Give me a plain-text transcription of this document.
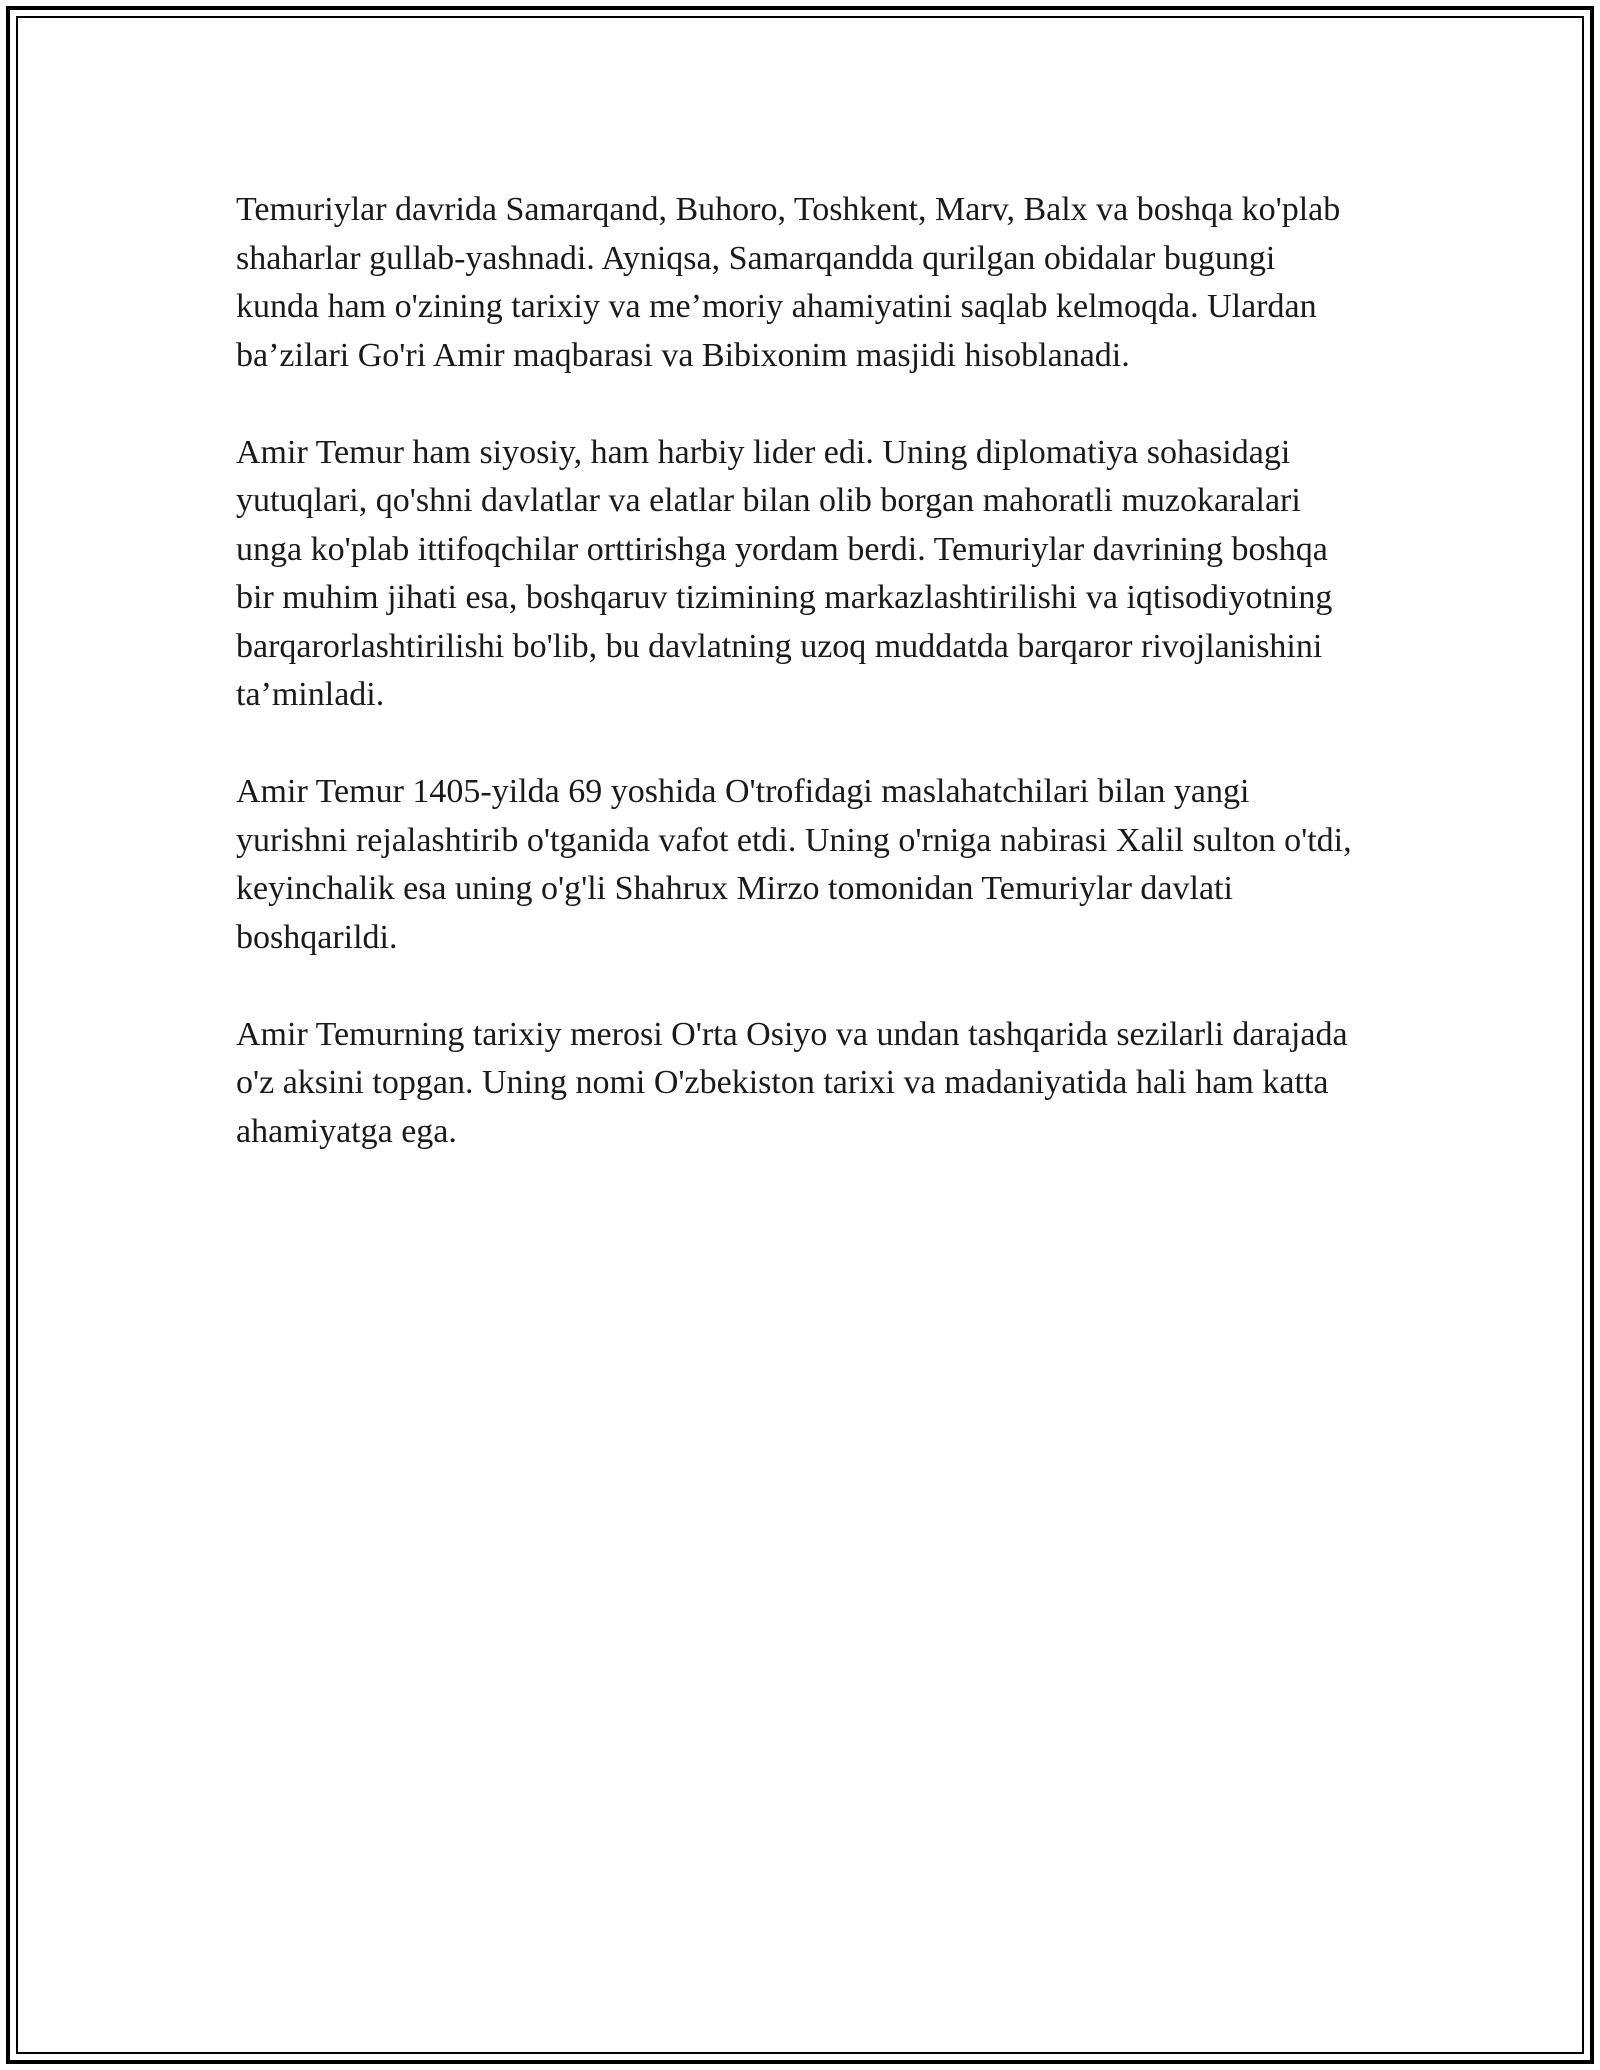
Temuriylar davrida Samarqand, Buhoro, Toshkent, Marv, Balx va boshqa ko'plab shaharlar gullab-yashnadi. Ayniqsa, Samarqandda qurilgan obidalar bugungi kunda ham o'zining tarixiy va me’moriy ahamiyatini saqlab kelmoqda. Ulardan ba’zilari Go'ri Amir maqbarasi va Bibixonim masjidi hisoblanadi.

Amir Temur ham siyosiy, ham harbiy lider edi. Uning diplomatiya sohasidagi yutuqlari, qo'shni davlatlar va elatlar bilan olib borgan mahoratli muzokaralari unga ko'plab ittifoqchilar orttirishga yordam berdi. Temuriylar davrining boshqa bir muhim jihati esa, boshqaruv tizimining markazlashtirilishi va iqtisodiyotning barqarorlashtirilishi bo'lib, bu davlatning uzoq muddatda barqaror rivojlanishini ta’minladi.

Amir Temur 1405-yilda 69 yoshida O'trofidagi maslahatchilari bilan yangi yurishni rejalashtirib o'tganida vafot etdi. Uning o'rniga nabirasi Xalil sulton o'tdi, keyinchalik esa uning o'g'li Shahrux Mirzo tomonidan Temuriylar davlati boshqarildi.

Amir Temurning tarixiy merosi O'rta Osiyo va undan tashqarida sezilarli darajada o'z aksini topgan. Uning nomi O'zbekiston tarixi va madaniyatida hali ham katta ahamiyatga ega.
